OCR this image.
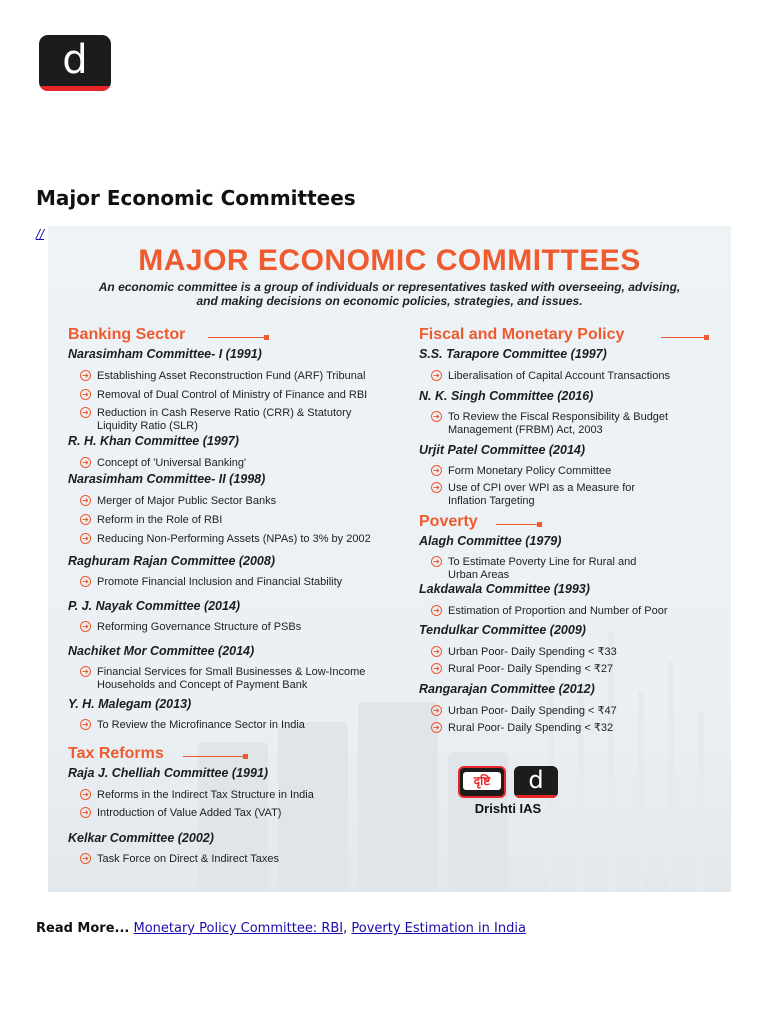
d
Major Economic Committees
//
MAJOR ECONOMIC COMMITTEES
An economic committee is a group of individuals or representatives tasked with overseeing, advising, and making decisions on economic policies, strategies, and issues.
Banking Sector
Narasimham Committee- I (1991)
➜ Establishing Asset Reconstruction Fund (ARF) Tribunal
➜ Removal of Dual Control of Ministry of Finance and RBI
➜ Reduction in Cash Reserve Ratio (CRR) & Statutory
Liquidity Ratio (SLR)
R. H. Khan Committee (1997)
➜ Concept of 'Universal Banking'
Narasimham Committee- II (1998)
➜ Merger of Major Public Sector Banks
➜ Reform in the Role of RBI
➜ Reducing Non-Performing Assets (NPAs) to 3% by 2002
Raghuram Rajan Committee (2008)
➜ Promote Financial Inclusion and Financial Stability
P. J. Nayak Committee (2014)
➜ Reforming Governance Structure of PSBs
Nachiket Mor Committee (2014)
➜ Financial Services for Small Businesses & Low-Income
Households and Concept of Payment Bank
Y. H. Malegam (2013)
➜ To Review the Microfinance Sector in India
Tax Reforms
Raja J. Chelliah Committee (1991)
➜ Reforms in the Indirect Tax Structure in India
➜ Introduction of Value Added Tax (VAT)
Kelkar Committee (2002)
➜ Task Force on Direct & Indirect Taxes
Fiscal and Monetary Policy
S.S. Tarapore Committee (1997)
➜ Liberalisation of Capital Account Transactions
N. K. Singh Committee (2016)
➜ To Review the Fiscal Responsibility & Budget
Management (FRBM) Act, 2003
Urjit Patel Committee (2014)
➜ Form Monetary Policy Committee
➜ Use of CPI over WPI as a Measure for
Inflation Targeting
Poverty
Alagh Committee (1979)
➜ To Estimate Poverty Line for Rural and
Urban Areas
Lakdawala Committee (1993)
➜ Estimation of Proportion and Number of Poor
Tendulkar Committee (2009)
➜ Urban Poor- Daily Spending < ₹33
➜ Rural Poor- Daily Spending < ₹27
Rangarajan Committee (2012)
➜ Urban Poor- Daily Spending < ₹47
➜ Rural Poor- Daily Spending < ₹32
दृष्टि	d
Drishti IAS
Read More... Monetary Policy Committee: RBI, Poverty Estimation in India
